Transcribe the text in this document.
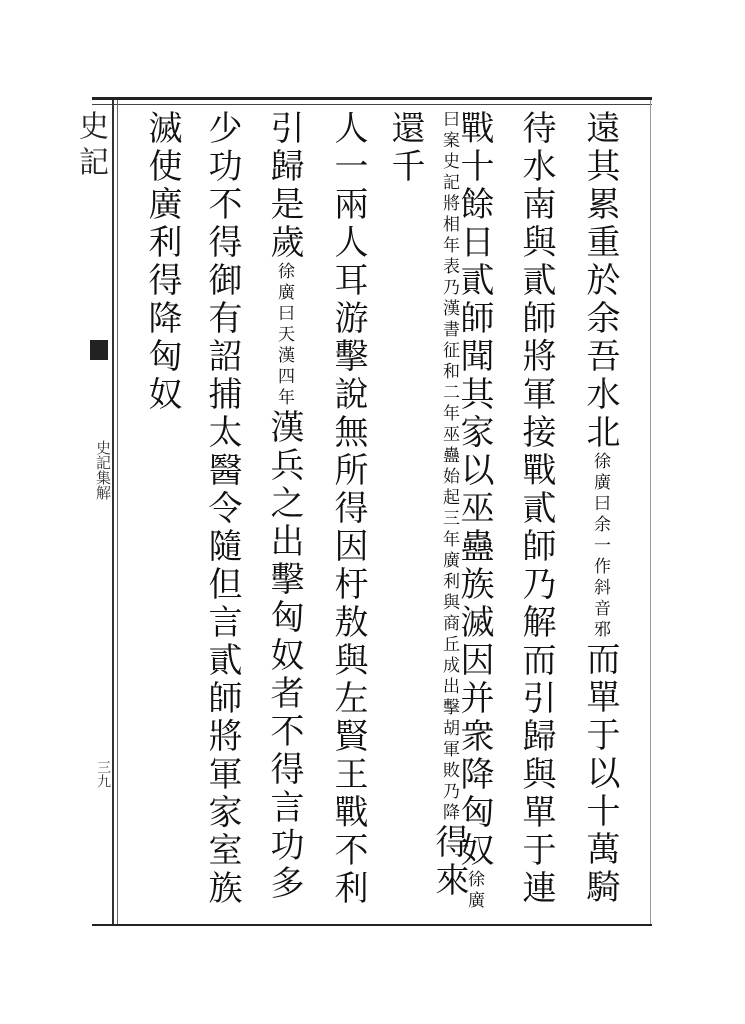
史記
史記集解
三九
遠其累重於余吾水北徐廣曰余一作斜音邪而單于以十萬騎
待水南與貳師將軍接戰貳師乃解而引歸與單于連
戰十餘日貳師聞其家以巫蠱族滅因并衆降匈奴徐廣
曰案史記將相年表乃漢書征和二年巫蠱始起三年廣利與商丘成出擊胡軍敗乃降得來還千
人一兩人耳游擊說無所得因杅敖與左賢王戰不利
引歸是歲徐廣曰天漢四年漢兵之出擊匈奴者不得言功多
少功不得御有詔捕太醫令隨但言貳師將軍家室族
滅使廣利得降匈奴
